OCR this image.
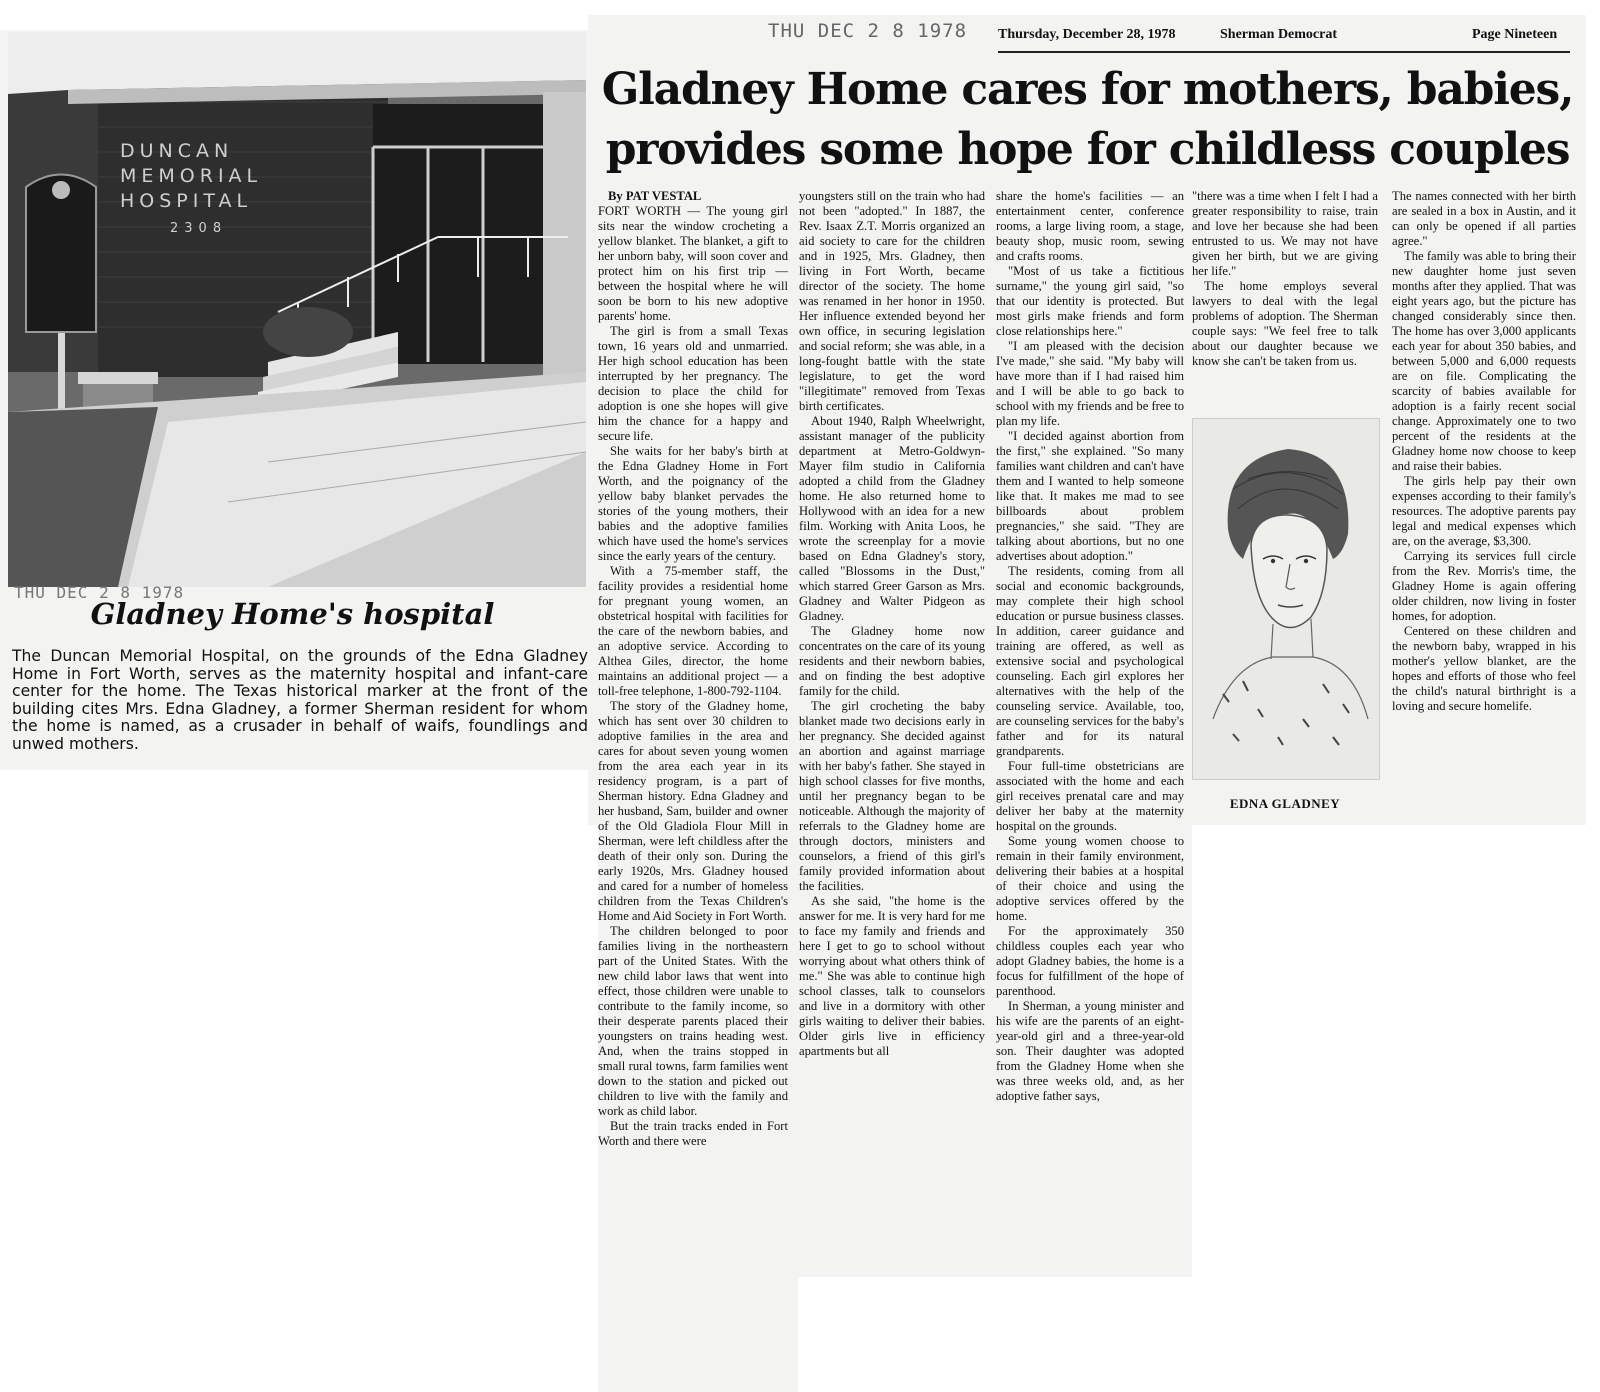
DUNCAN
MEMORIAL
HOSPITAL
2308
THU DEC 2 8 1978
Gladney Home's hospital
The Duncan Memorial Hospital, on the grounds of the Edna Gladney Home in Fort Worth, serves as the maternity hospital and infant-care center for the home. The Texas historical marker at the front of the building cites Mrs. Edna Gladney, a former Sherman resident for whom the home is named, as a crusader in behalf of waifs, foundlings and unwed mothers.
THU DEC 2 8 1978 Thursday, December 28, 1978	Sherman Democrat	Page Nineteen
Gladney Home cares for mothers, babies, provides some hope for childless couples

By PAT VESTAL

FORT WORTH — The young girl sits near the window crocheting a yellow blanket. The blanket, a gift to her unborn baby, will soon cover and protect him on his first trip — between the hospital where he will soon be born to his new adoptive parents' home.

The girl is from a small Texas town, 16 years old and unmarried. Her high school education has been interrupted by her pregnancy. The decision to place the child for adoption is one she hopes will give him the chance for a happy and secure life.

She waits for her baby's birth at the Edna Gladney Home in Fort Worth, and the poignancy of the yellow baby blanket pervades the stories of the young mothers, their babies and the adoptive families which have used the home's services since the early years of the century.

With a 75-member staff, the facility provides a residential home for pregnant young women, an obstetrical hospital with facilities for the care of the newborn babies, and an adoptive service. According to Althea Giles, director, the home maintains an additional project — a toll-free telephone, 1-800-792-1104.

The story of the Gladney home, which has sent over 30 children to adoptive families in the area and cares for about seven young women from the area each year in its residency program, is a part of Sherman history. Edna Gladney and her husband, Sam, builder and owner of the Old Gladiola Flour Mill in Sherman, were left childless after the death of their only son. During the early 1920s, Mrs. Gladney housed and cared for a number of homeless children from the Texas Children's Home and Aid Society in Fort Worth.

The children belonged to poor families living in the northeastern part of the United States. With the new child labor laws that went into effect, those children were unable to contribute to the family income, so their desperate parents placed their youngsters on trains heading west. And, when the trains stopped in small rural towns, farm families went down to the station and picked out children to live with the family and work as child labor.

But the train tracks ended in Fort Worth and there were

youngsters still on the train who had not been "adopted." In 1887, the Rev. Isaax Z.T. Morris organized an aid society to care for the children and in 1925, Mrs. Gladney, then living in Fort Worth, became director of the society. The home was renamed in her honor in 1950. Her influence extended beyond her own office, in securing legislation and social reform; she was able, in a long-fought battle with the state legislature, to get the word "illegitimate" removed from Texas birth certificates.

About 1940, Ralph Wheelwright, assistant manager of the publicity department at Metro-Goldwyn-Mayer film studio in California adopted a child from the Gladney home. He also returned home to Hollywood with an idea for a new film. Working with Anita Loos, he wrote the screenplay for a movie based on Edna Gladney's story, called "Blossoms in the Dust," which starred Greer Garson as Mrs. Gladney and Walter Pidgeon as Gladney.

The Gladney home now concentrates on the care of its young residents and their newborn babies, and on finding the best adoptive family for the child.

The girl crocheting the baby blanket made two decisions early in her pregnancy. She decided against an abortion and against marriage with her baby's father. She stayed in high school classes for five months, until her pregnancy began to be noticeable. Although the majority of referrals to the Gladney home are through doctors, ministers and counselors, a friend of this girl's family provided information about the facilities.

As she said, "the home is the answer for me. It is very hard for me to face my family and friends and here I get to go to school without worrying about what others think of me." She was able to continue high school classes, talk to counselors and live in a dormitory with other girls waiting to deliver their babies. Older girls live in efficiency apartments but all

share the home's facilities — an entertainment center, conference rooms, a large living room, a stage, beauty shop, music room, sewing and crafts rooms.

"Most of us take a fictitious surname," the young girl said, "so that our identity is protected. But most girls make friends and form close relationships here."

"I am pleased with the decision I've made," she said. "My baby will have more than if I had raised him and I will be able to go back to school with my friends and be free to plan my life.

"I decided against abortion from the first," she explained. "So many families want children and can't have them and I wanted to help someone like that. It makes me mad to see billboards about problem pregnancies," she said. "They are talking about abortions, but no one advertises about adoption."

The residents, coming from all social and economic backgrounds, may complete their high school education or pursue business classes. In addition, career guidance and training are offered, as well as extensive social and psychological counseling. Each girl explores her alternatives with the help of the counseling service. Available, too, are counseling services for the baby's father and for its natural grandparents.

Four full-time obstetricians are associated with the home and each girl receives prenatal care and may deliver her baby at the maternity hospital on the grounds.

Some young women choose to remain in their family environment, delivering their babies at a hospital of their choice and using the adoptive services offered by the home.

For the approximately 350 childless couples each year who adopt Gladney babies, the home is a focus for fulfillment of the hope of parenthood.

In Sherman, a young minister and his wife are the parents of an eight-year-old girl and a three-year-old son. Their daughter was adopted from the Gladney Home when she was three weeks old, and, as her adoptive father says,

"there was a time when I felt I had a greater responsibility to raise, train and love her because she had been entrusted to us. We may not have given her birth, but we are giving her life."

The home employs several lawyers to deal with the legal problems of adoption. The Sherman couple says: "We feel free to talk about our daughter because we know she can't be taken from us.

EDNA GLADNEY

The names connected with her birth are sealed in a box in Austin, and it can only be opened if all parties agree."

The family was able to bring their new daughter home just seven months after they applied. That was eight years ago, but the picture has changed considerably since then. The home has over 3,000 applicants each year for about 350 babies, and between 5,000 and 6,000 requests are on file. Complicating the scarcity of babies available for adoption is a fairly recent social change. Approximately one to two percent of the residents at the Gladney home now choose to keep and raise their babies.

The girls help pay their own expenses according to their family's resources. The adoptive parents pay legal and medical expenses which are, on the average, $3,300.

Carrying its services full circle from the Rev. Morris's time, the Gladney Home is again offering older children, now living in foster homes, for adoption.

Centered on these children and the newborn baby, wrapped in his mother's yellow blanket, are the hopes and efforts of those who feel the child's natural birthright is a loving and secure homelife.
